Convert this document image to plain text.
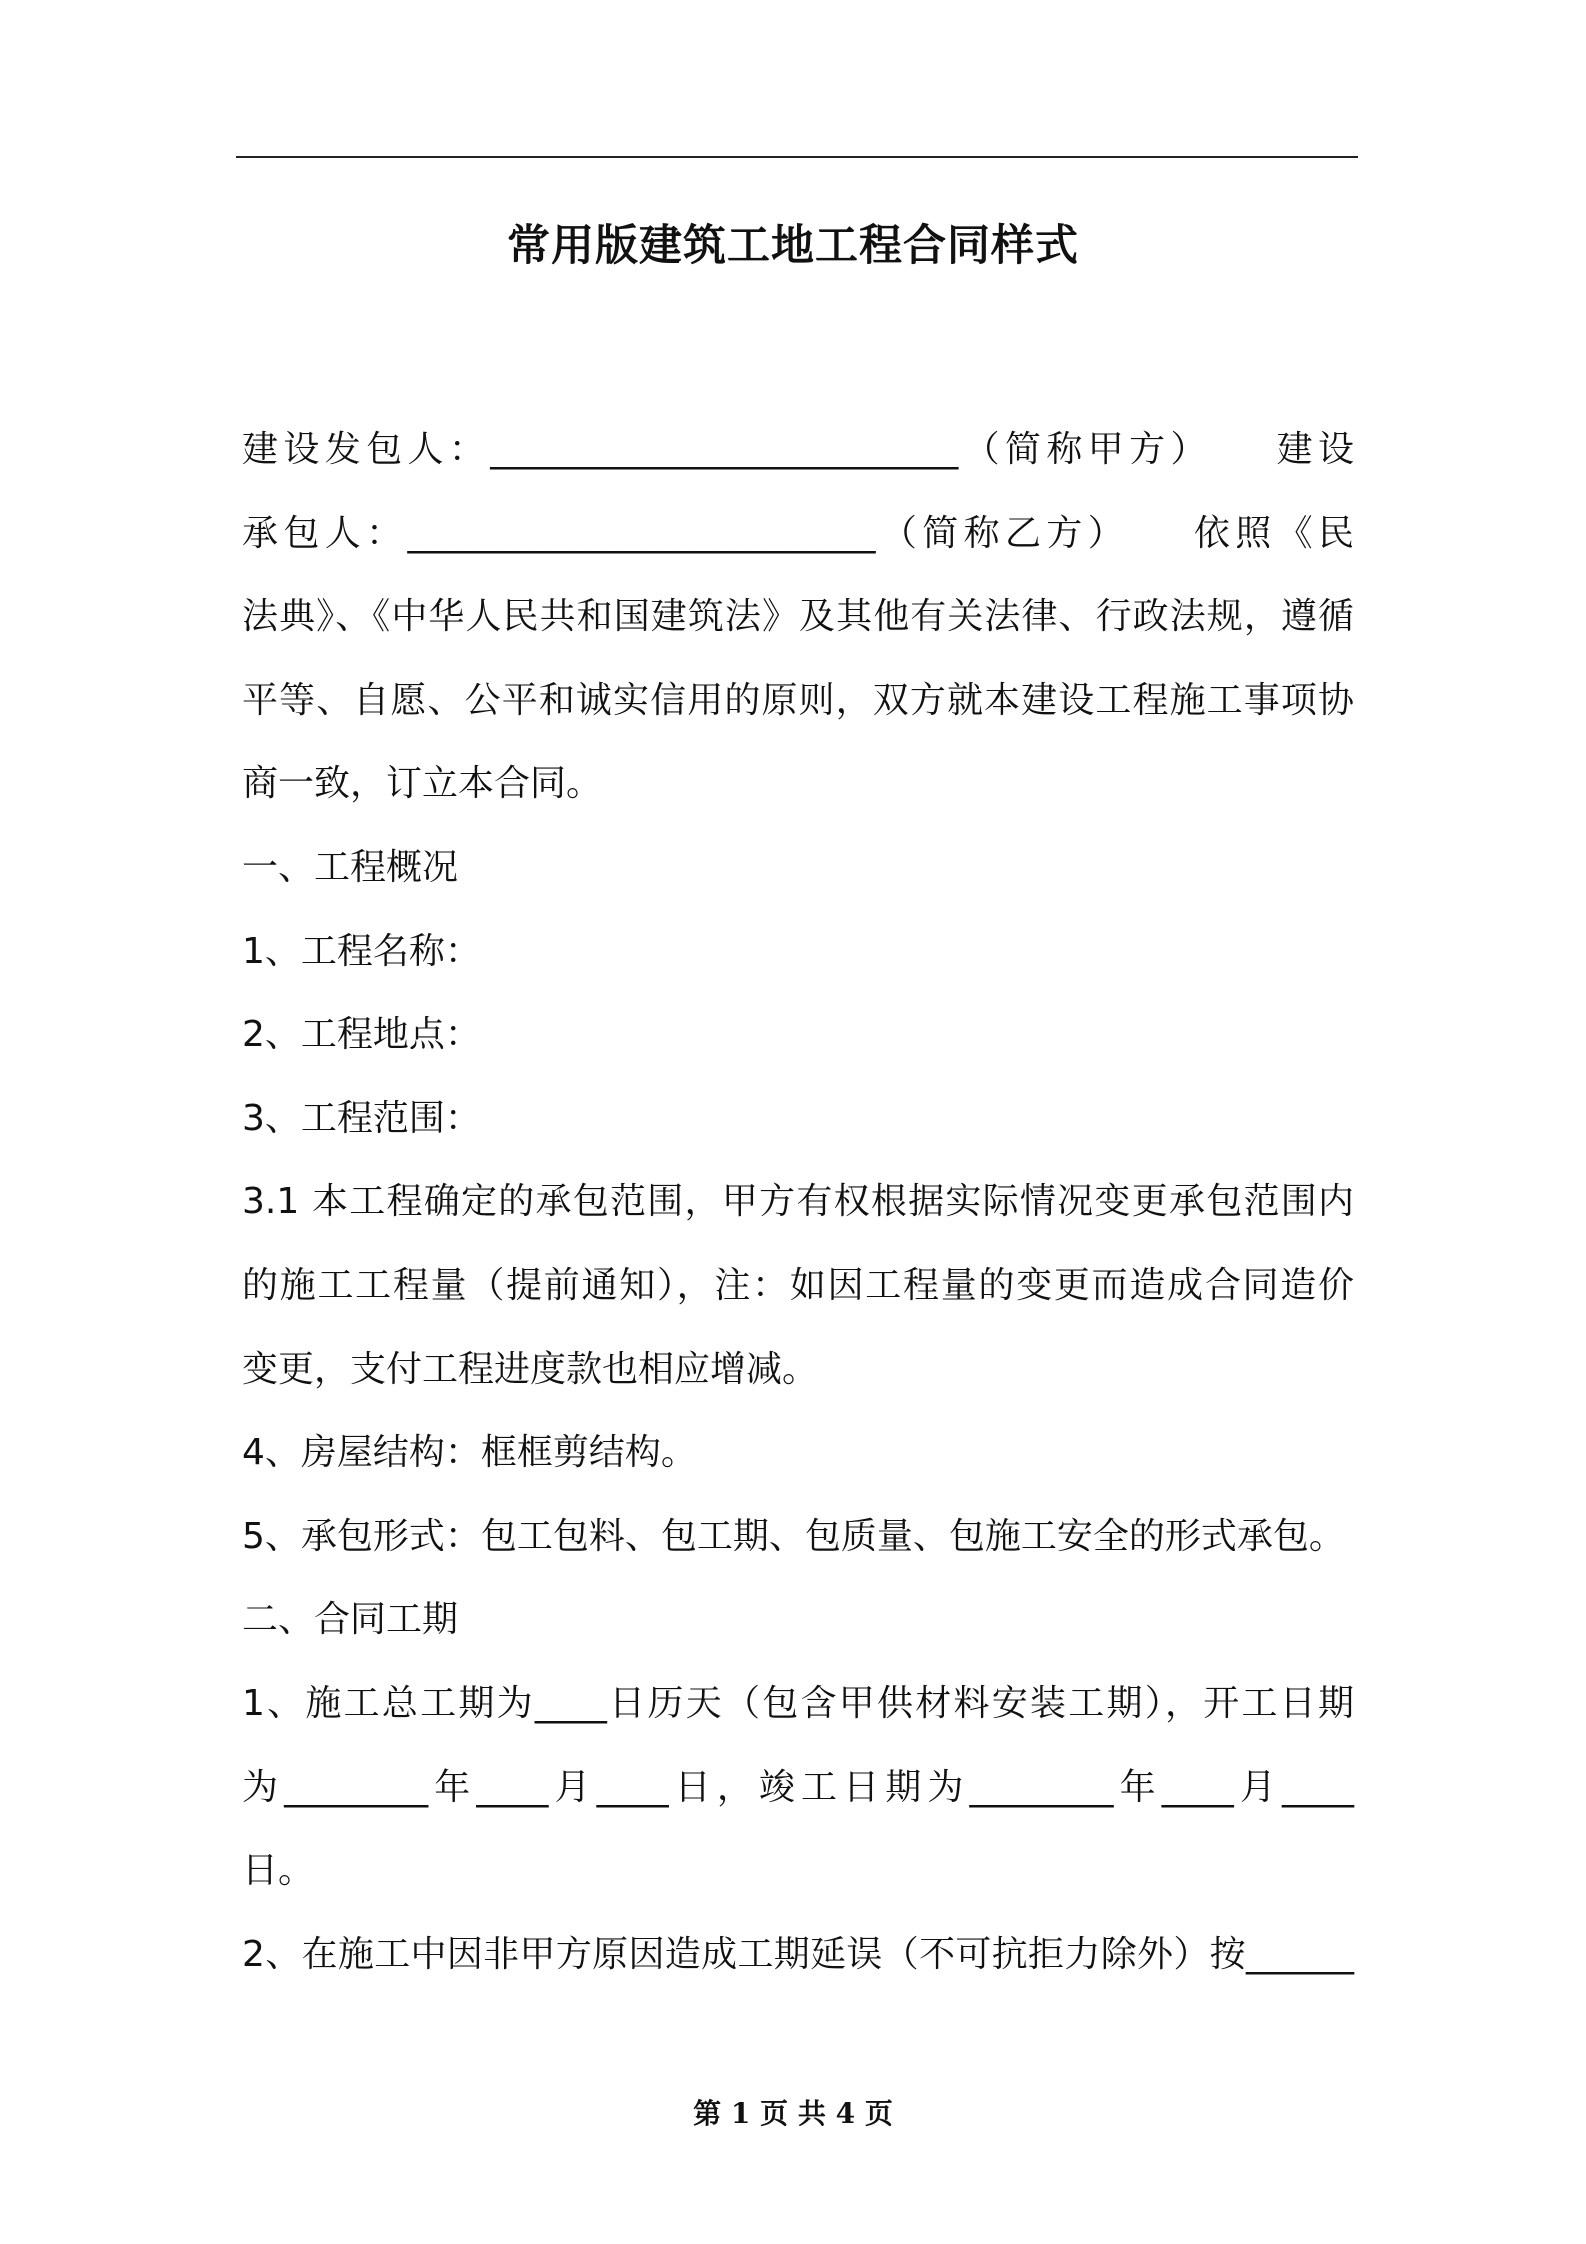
常用版建筑工地工程合同样式

建设发包人：__________________________（简称甲方）　　建设

承包人：__________________________（简称乙方）　　依照《民

法典》、《中华人民共和国建筑法》及其他有关法律、行政法规，遵循

平等、自愿、公平和诚实信用的原则，双方就本建设工程施工事项协

商一致，订立本合同。

一、工程概况

1、工程名称：

2、工程地点：

3、工程范围：

3.1 本工程确定的承包范围，甲方有权根据实际情况变更承包范围内

的施工工程量（提前通知），注：如因工程量的变更而造成合同造价

变更，支付工程进度款也相应增减。

4、房屋结构：框框剪结构。

5、承包形式：包工包料、包工期、包质量、包施工安全的形式承包。

二、合同工期

1、施工总工期为____日历天（包含甲供材料安装工期），开工日期

为________年____月____日，竣工日期为________年____月____

日。

2、在施工中因非甲方原因造成工期延误（不可抗拒力除外）按______

第 1 页 共 4 页
